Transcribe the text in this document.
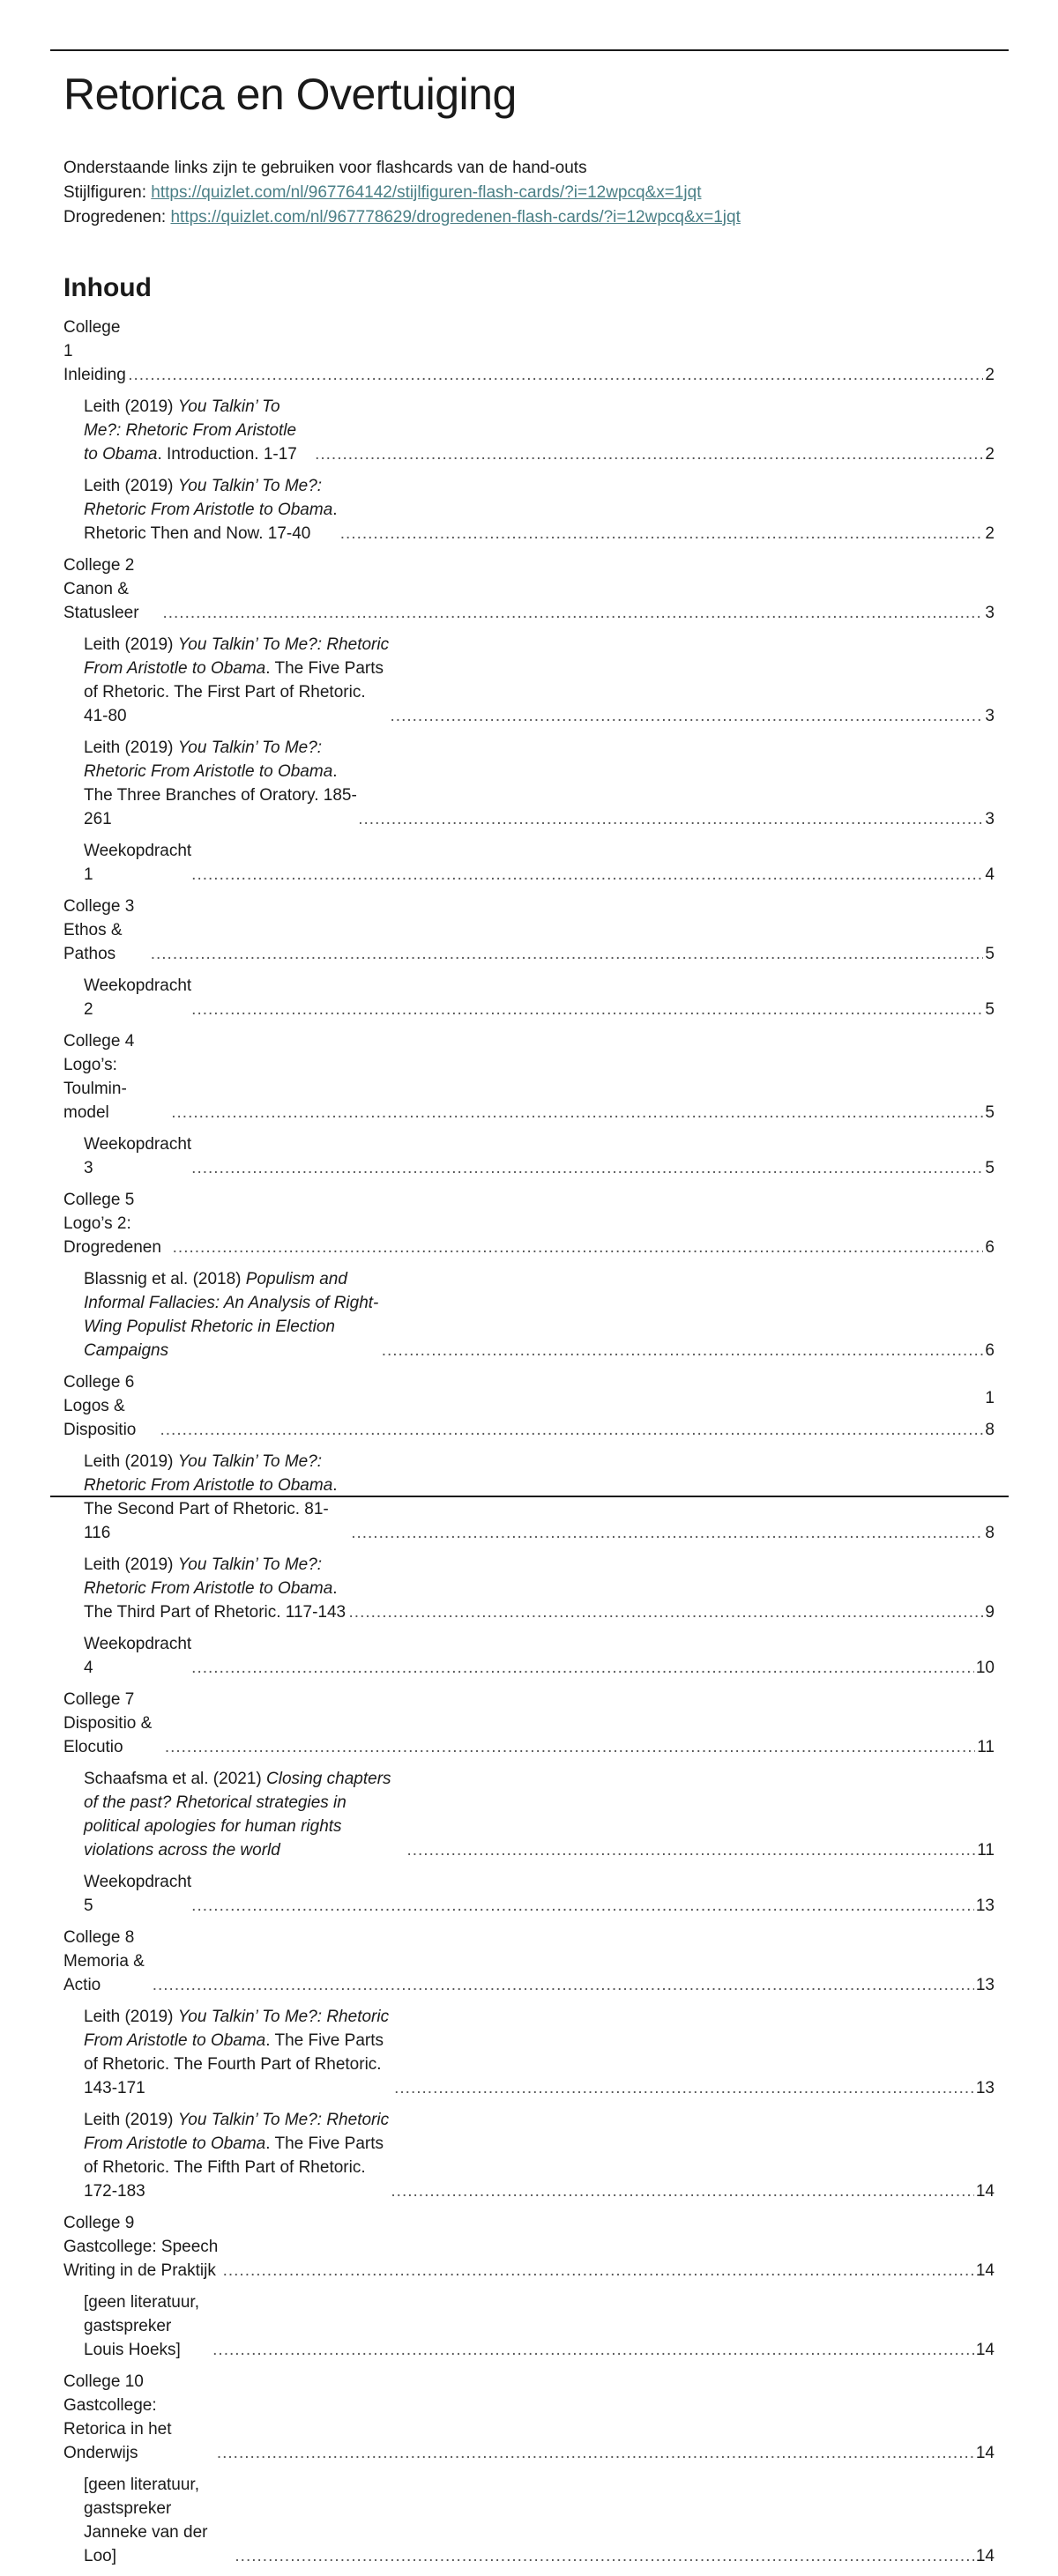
Retorica en Overtuiging
Onderstaande links zijn te gebruiken voor flashcards van de hand-outs
Stijlfiguren: https://quizlet.com/nl/967764142/stijlfiguren-flash-cards/?i=12wpcq&x=1jqt
Drogredenen: https://quizlet.com/nl/967778629/drogredenen-flash-cards/?i=12wpcq&x=1jqt
Inhoud
College 1 Inleiding .....	2
Leith (2019) You Talkin’ To Me?: Rhetoric From Aristotle to Obama. Introduction. 1-17 .....	2
Leith (2019) You Talkin’ To Me?: Rhetoric From Aristotle to Obama. Rhetoric Then and Now. 17-40 .....	2
College 2 Canon & Statusleer .....	3
Leith (2019) You Talkin’ To Me?: Rhetoric From Aristotle to Obama. The Five Parts of Rhetoric. The First Part of Rhetoric. 41-80 .....	3
Leith (2019) You Talkin’ To Me?: Rhetoric From Aristotle to Obama. The Three Branches of Oratory. 185-261 .....	3
Weekopdracht 1 .....	4
College 3 Ethos & Pathos .....	5
Weekopdracht 2 .....	5
College 4 Logo’s: Toulmin-model .....	5
Weekopdracht 3 .....	5
College 5 Logo’s 2: Drogredenen .....	6
Blassnig et al. (2018) Populism and Informal Fallacies: An Analysis of Right-Wing Populist Rhetoric in Election Campaigns .....	6
College 6 Logos & Dispositio .....	8
Leith (2019) You Talkin’ To Me?: Rhetoric From Aristotle to Obama. The Second Part of Rhetoric. 81-116 .....	8
Leith (2019) You Talkin’ To Me?: Rhetoric From Aristotle to Obama. The Third Part of Rhetoric. 117-143 .....	9
Weekopdracht 4 .....	10
College 7 Dispositio & Elocutio .....	11
Schaafsma et al. (2021) Closing chapters of the past? Rhetorical strategies in political apologies for human rights violations across the world .....	11
Weekopdracht 5 .....	13
College 8 Memoria & Actio .....	13
Leith (2019) You Talkin’ To Me?: Rhetoric From Aristotle to Obama. The Five Parts of Rhetoric. The Fourth Part of Rhetoric. 143-171 .....	13
Leith (2019) You Talkin’ To Me?: Rhetoric From Aristotle to Obama. The Five Parts of Rhetoric. The Fifth Part of Rhetoric. 172-183 .....	14
College 9 Gastcollege: Speech Writing in de Praktijk .....	14
[geen literatuur, gastspreker Louis Hoeks] .....	14
College 10 Gastcollege: Retorica in het Onderwijs .....	14
[geen literatuur, gastspreker Janneke van der Loo] .....	14
1
